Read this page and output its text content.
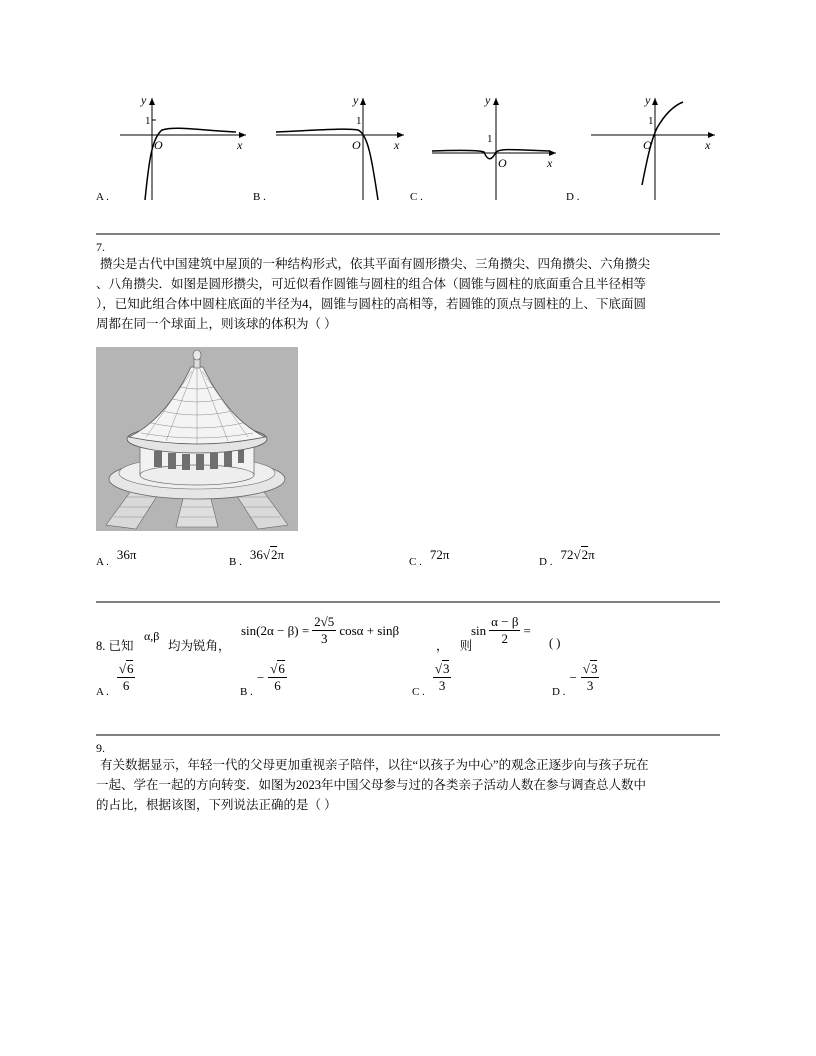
y
x
O
1
A .
y
x
O
1
B .
y
x
O
1
C .
y
x
O
1
D .
7.
攒尖是古代中国建筑中屋顶的一种结构形式，依其平面有圆形攒尖、三角攒尖、四角攒尖、六角攒尖
、八角攒尖．如图是圆形攒尖，可近似看作圆锥与圆柱的组合体（圆锥与圆柱的底面重合且半径相等
），已知此组合体中圆柱底面的半径为4，圆锥与圆柱的高相等，若圆锥的顶点与圆柱的上、下底面圆
周都在同一个球面上，则该球的体积为（ ）
A . $^{36\pi}$	B . $^{36√2\pi}$	C . $^{72\pi}$	D . $^{72√2\pi}$
8. 已知
α,β
均为锐角，
$\sin(2\alpha - \beta) = \frac{2√5}{3}$ cosα + sinβ
， 则
$\sin \frac{\alpha - \beta}{2}$ =
( )
A . $\frac{√6}{6}$	B .
− $\frac{√6}{6}$	C . $\frac{√3}{3}$	D .
− $\frac{√3}{3}$
9.
有关数据显示，年轻一代的父母更加重视亲子陪伴，以往“以孩子为中心”的观念正逐步向与孩子玩在
一起、学在一起的方向转变．如图为2023年中国父母参与过的各类亲子活动人数在参与调查总人数中
的占比，根据该图，下列说法正确的是（ ）
